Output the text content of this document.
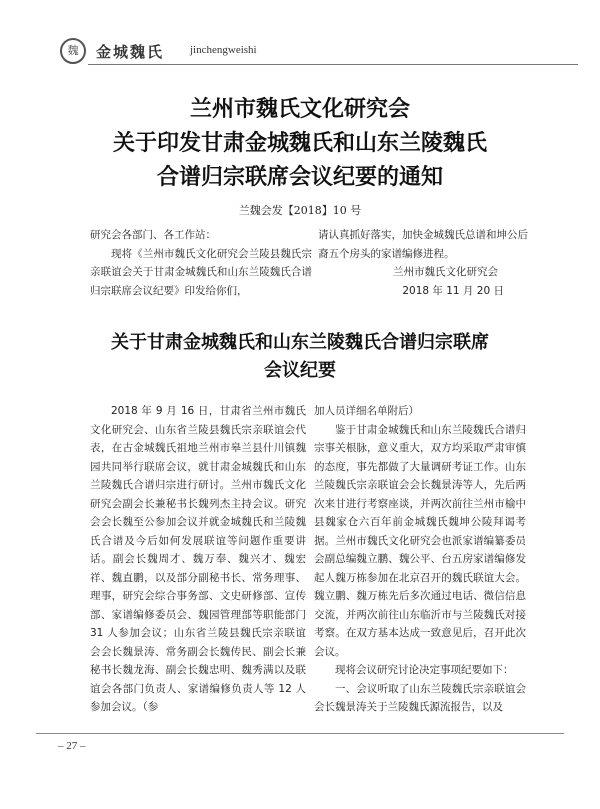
魏	金城魏氏 jinchengweishi
兰州市魏氏文化研究会
关于印发甘肃金城魏氏和山东兰陵魏氏
合谱归宗联席会议纪要的通知
兰魏会发【2018】10 号

研究会各部门、各工作站：

现将《兰州市魏氏文化研究会兰陵县魏氏宗亲联谊会关于甘肃金城魏氏和山东兰陵魏氏合谱归宗联席会议纪要》印发给你们，

请认真抓好落实，加快金城魏氏总谱和坤公后裔五个房头的家谱编修进程。

兰州市魏氏文化研究会

2018 年 11 月 20 日

关于甘肃金城魏氏和山东兰陵魏氏合谱归宗联席
会议纪要

2018 年 9 月 16 日，甘肃省兰州市魏氏文化研究会、山东省兰陵县魏氏宗亲联谊会代表，在古金城魏氏祖地兰州市皋兰县什川镇魏园共同举行联席会议，就甘肃金城魏氏和山东兰陵魏氏合谱归宗进行研讨。兰州市魏氏文化研究会副会长兼秘书长魏列杰主持会议。研究会会长魏至公参加会议并就金城魏氏和兰陵魏氏合谱及今后如何发展联谊等问题作重要讲话。副会长魏周才、魏万奉、魏兴才、魏宏祥、魏直鹏，以及部分副秘书长、常务理事、理事，研究会综合事务部、文史研修部、宣传部、家谱编修委员会、魏园管理部等职能部门 31 人参加会议；山东省兰陵县魏氏宗亲联谊会会长魏景涛、常务副会长魏传民、副会长兼秘书长魏龙海、副会长魏忠明、魏秀满以及联谊会各部门负责人、家谱编修负责人等 12 人参加会议。（参

加人员详细名单附后）

鉴于甘肃金城魏氏和山东兰陵魏氏合谱归宗事关根脉，意义重大，双方均采取严肃审慎的态度，事先都做了大量调研考证工作。山东兰陵魏氏宗亲联谊会会长魏景涛等人，先后两次来甘进行考察座谈，并两次前往兰州市榆中县魏家仓六百年前金城魏氏魏坤公陵拜谒考据。兰州市魏氏文化研究会也派家谱编纂委员会副总编魏立鹏、魏公平、台五房家谱编修发起人魏万栋参加在北京召开的魏氏联谊大会。魏立鹏、魏万栋先后多次通过电话、微信信息交流，并两次前往山东临沂市与兰陵魏氏对接考察。在双方基本达成一致意见后，召开此次会议。

现将会议研究讨论决定事项纪要如下：

一、会议听取了山东兰陵魏氏宗亲联谊会会长魏景涛关于兰陵魏氏源流报告，以及

– 27 –
